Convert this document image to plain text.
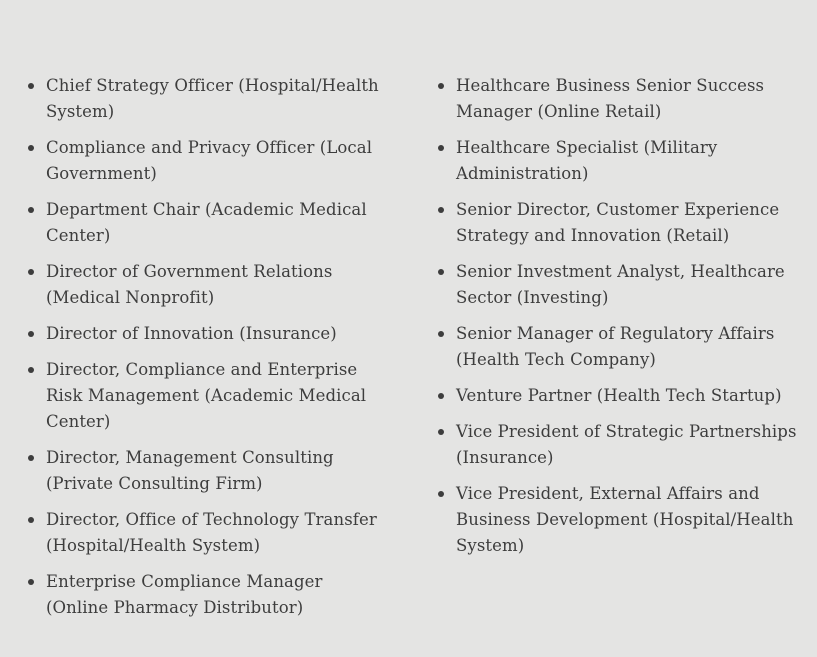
Chief Strategy Officer (Hospital/Health System)
Compliance and Privacy Officer (Local Government)
Department Chair (Academic Medical Center)
Director of Government Relations (Medical Nonprofit)
Director of Innovation (Insurance)
Director, Compliance and Enterprise Risk Management (Academic Medical Center)
Director, Management Consulting (Private Consulting Firm)
Director, Office of Technology Transfer (Hospital/Health System)
Enterprise Compliance Manager (Online Pharmacy Distributor)
Healthcare Business Senior Success Manager (Online Retail)
Healthcare Specialist (Military Administration)
Senior Director, Customer Experience Strategy and Innovation (Retail)
Senior Investment Analyst, Healthcare Sector (Investing)
Senior Manager of Regulatory Affairs (Health Tech Company)
Venture Partner (Health Tech Startup)
Vice President of Strategic Partnerships (Insurance)
Vice President, External Affairs and Business Development (Hospital/Health System)
